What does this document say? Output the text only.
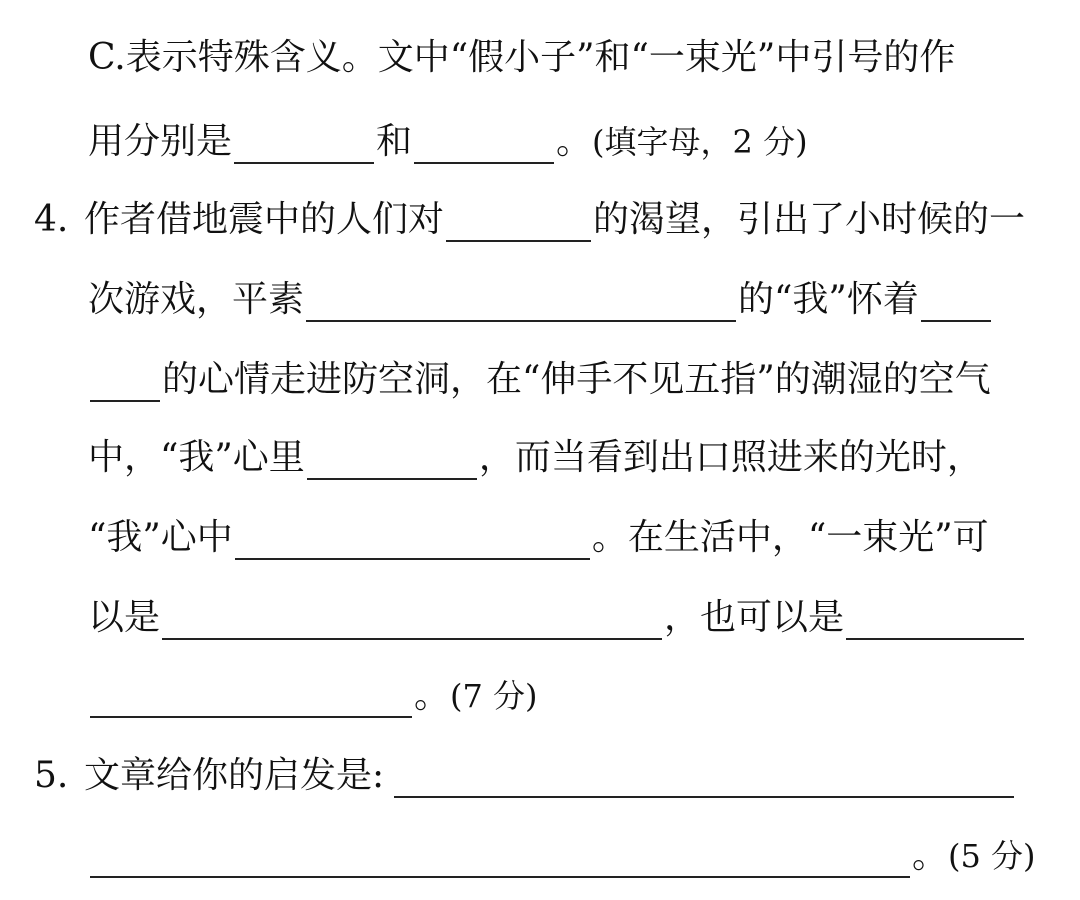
C.表示特殊含义。文中“假小子”和“一束光”中引号的作
用分别是	和	。 (填字母，2 分)
4. 作者借地震中的人们对	的渴望，引出了小时候的一
次游戏，平素	的“我”怀着
的心情走进防空洞，在“伸手不见五指”的潮湿的空气
中，“我”心里	，而当看到出口照进来的光时，
“我”心中	。在生活中，“一束光”可
以是	，也可以是
。 (7 分)
5. 文章给你的启发是:
。 (5 分)
